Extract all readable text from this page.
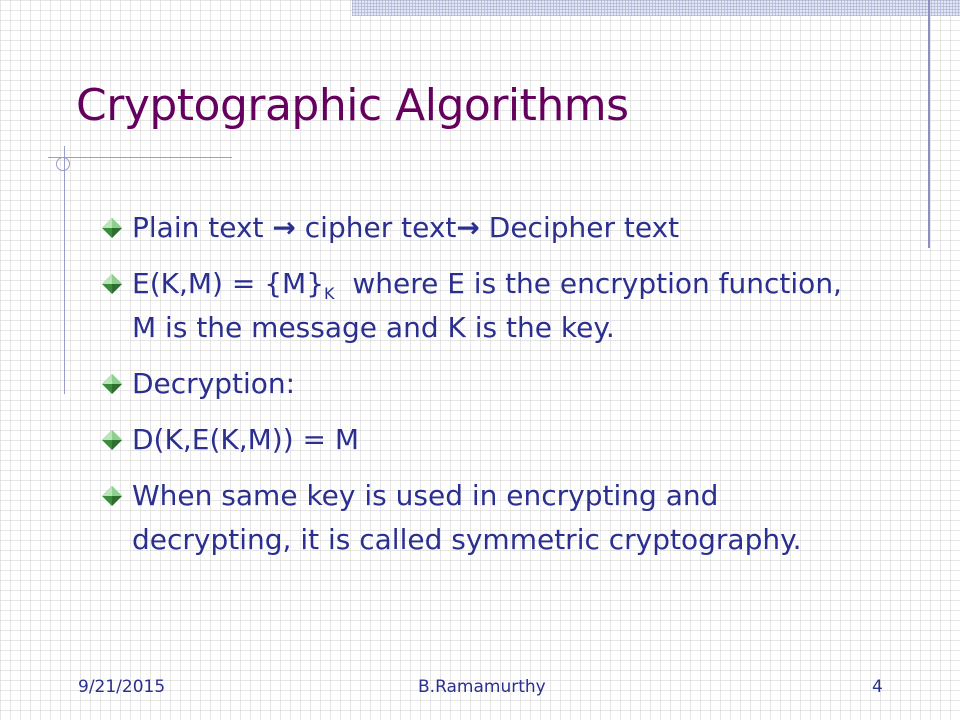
Cryptographic Algorithms
Plain text → cipher text→ Decipher text
$E(K,M) = \{M\}_K$  where E is the encryption function, M is the message and K is the key.
Decryption:
D(K,E(K,M)) = M
When same key is used in encrypting and decrypting, it is called symmetric cryptography.
9/21/2015	B.Ramamurthy	4
